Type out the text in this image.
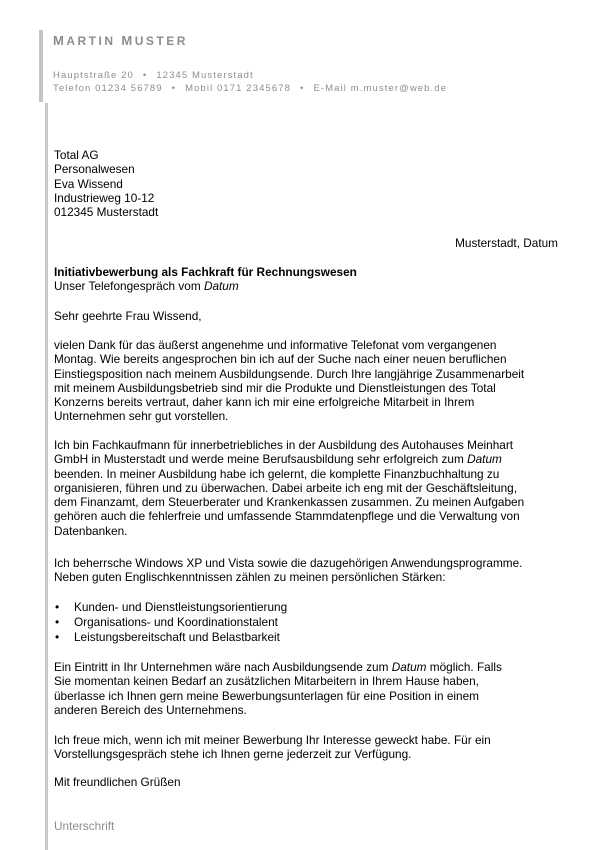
MARTIN MUSTER
Hauptstraße 20 • 12345 Musterstadt
Telefon 01234 56789 • Mobil 0171 2345678 • E-Mail m.muster@web.de
Total AG
Personalwesen
Eva Wissend
Industrieweg 10-12
012345 Musterstadt
Musterstadt, Datum
Initiativbewerbung als Fachkraft für Rechnungswesen
Unser Telefongespräch vom Datum
Sehr geehrte Frau Wissend,
vielen Dank für das äußerst angenehme und informative Telefonat vom vergangenen
Montag. Wie bereits angesprochen bin ich auf der Suche nach einer neuen beruflichen
Einstiegsposition nach meinem Ausbildungsende. Durch Ihre langjährige Zusammenarbeit
mit meinem Ausbildungsbetrieb sind mir die Produkte und Dienstleistungen des Total
Konzerns bereits vertraut, daher kann ich mir eine erfolgreiche Mitarbeit in Ihrem
Unternehmen sehr gut vorstellen.
Ich bin Fachkaufmann für innerbetriebliches in der Ausbildung des Autohauses Meinhart
GmbH in Musterstadt und werde meine Berufsausbildung sehr erfolgreich zum Datum
beenden. In meiner Ausbildung habe ich gelernt, die komplette Finanzbuchhaltung zu
organisieren, führen und zu überwachen. Dabei arbeite ich eng mit der Geschäftsleitung,
dem Finanzamt, dem Steuerberater und Krankenkassen zusammen. Zu meinen Aufgaben
gehören auch die fehlerfreie und umfassende Stammdatenpflege und die Verwaltung von
Datenbanken.
Ich beherrsche Windows XP und Vista sowie die dazugehörigen Anwendungsprogramme.
Neben guten Englischkenntnissen zählen zu meinen persönlichen Stärken:
• Kunden- und Dienstleistungsorientierung
• Organisations- und Koordinationstalent
• Leistungsbereitschaft und Belastbarkeit
Ein Eintritt in Ihr Unternehmen wäre nach Ausbildungsende zum Datum möglich. Falls
Sie momentan keinen Bedarf an zusätzlichen Mitarbeitern in Ihrem Hause haben,
überlasse ich Ihnen gern meine Bewerbungsunterlagen für eine Position in einem
anderen Bereich des Unternehmens.
Ich freue mich, wenn ich mit meiner Bewerbung Ihr Interesse geweckt habe. Für ein
Vorstellungsgespräch stehe ich Ihnen gerne jederzeit zur Verfügung.
Mit freundlichen Grüßen
Unterschrift
